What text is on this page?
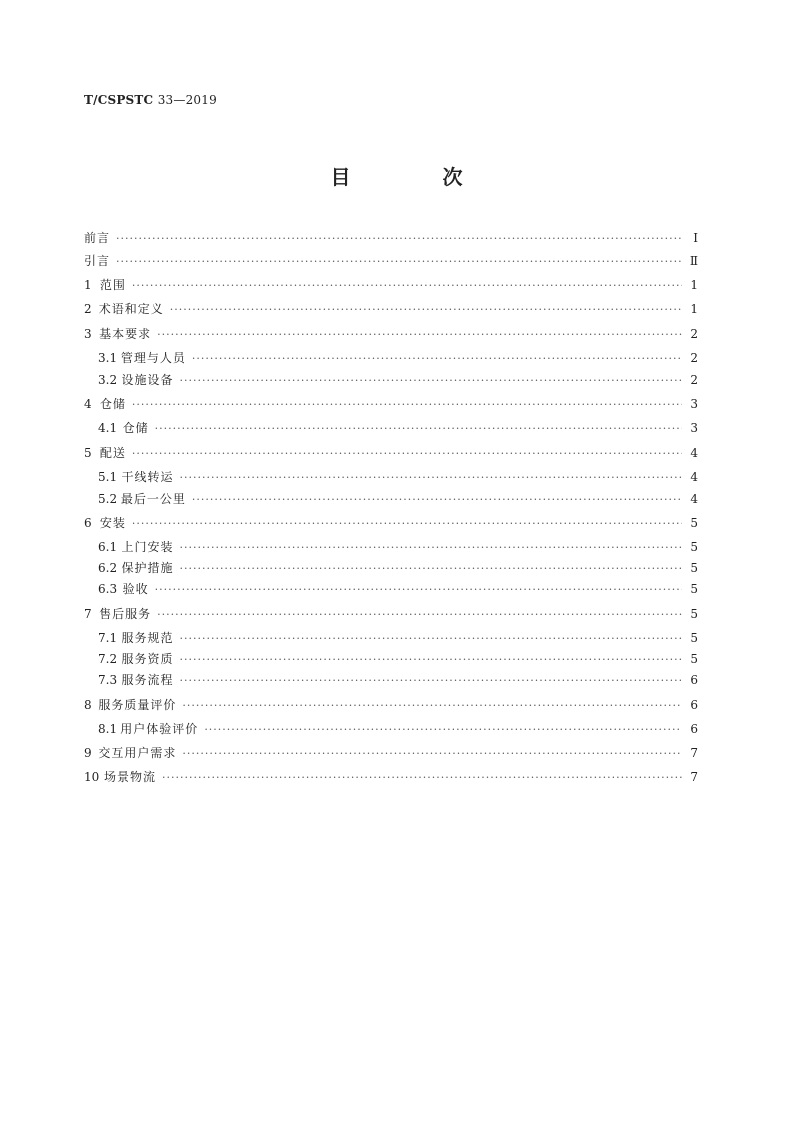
T/CSPSTC 33—2019
目　次
前言 ·····	Ⅰ
引言 ·····	Ⅱ
1 范围 ·····	1
2 术语和定义 ·····	1
3 基本要求 ·····	2
3.1 管理与人员 ·····	2
3.2 设施设备 ·····	2
4 仓储 ·····	3
4.1 仓储 ·····	3
5 配送 ·····	4
5.1 干线转运 ·····	4
5.2 最后一公里 ·····	4
6 安装 ·····	5
6.1 上门安装 ·····	5
6.2 保护措施 ·····	5
6.3 验收 ·····	5
7 售后服务 ·····	5
7.1 服务规范 ·····	5
7.2 服务资质 ·····	5
7.3 服务流程 ·····	6
8 服务质量评价 ·····	6
8.1 用户体验评价 ·····	6
9 交互用户需求 ·····	7
10 场景物流 ·····	7
